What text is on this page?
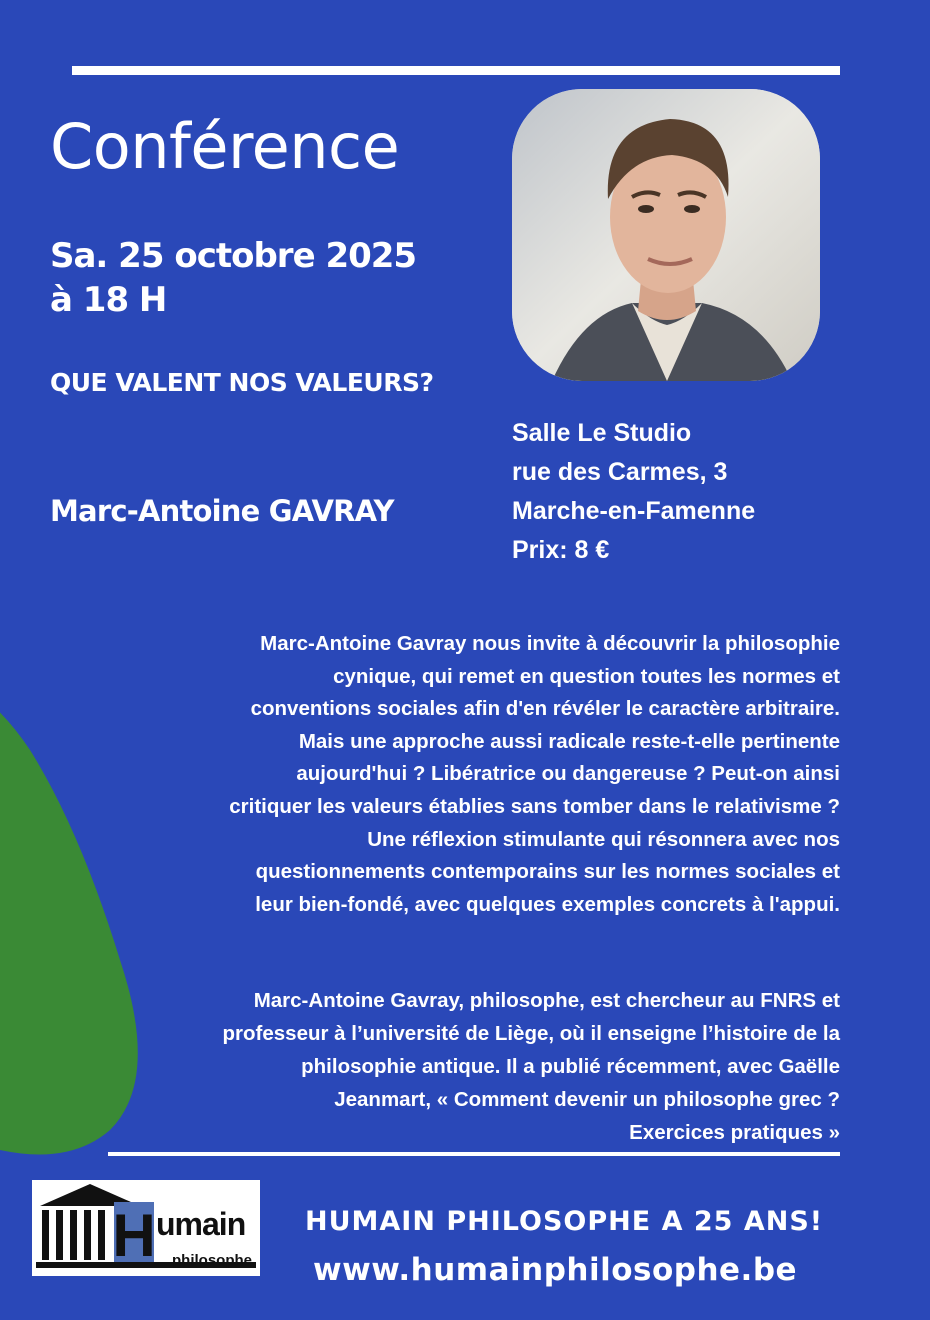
Conférence
Sa. 25 octobre 2025
à 18 H
QUE VALENT NOS VALEURS?
Marc-Antoine GAVRAY
Salle Le Studio
rue des Carmes, 3
Marche-en-Famenne
Prix: 8 €
Marc-Antoine Gavray nous invite à découvrir la philosophie
cynique, qui remet en question toutes les normes et
conventions sociales afin d'en révéler le caractère arbitraire.
Mais une approche aussi radicale reste-t-elle pertinente
aujourd'hui ? Libératrice ou dangereuse ? Peut-on ainsi
critiquer les valeurs établies sans tomber dans le relativisme ?
Une réflexion stimulante qui résonnera avec nos
questionnements contemporains sur les normes sociales et
leur bien-fondé, avec quelques exemples concrets à l'appui.
Marc-Antoine Gavray, philosophe, est chercheur au FNRS et
professeur à l’université de Liège, où il enseigne l’histoire de la
philosophie antique. Il a publié récemment, avec Gaëlle
Jeanmart, « Comment devenir un philosophe grec ?
Exercices pratiques »
H umain
philosophe
HUMAIN PHILOSOPHE A 25 ANS!
www.humainphilosophe.be
